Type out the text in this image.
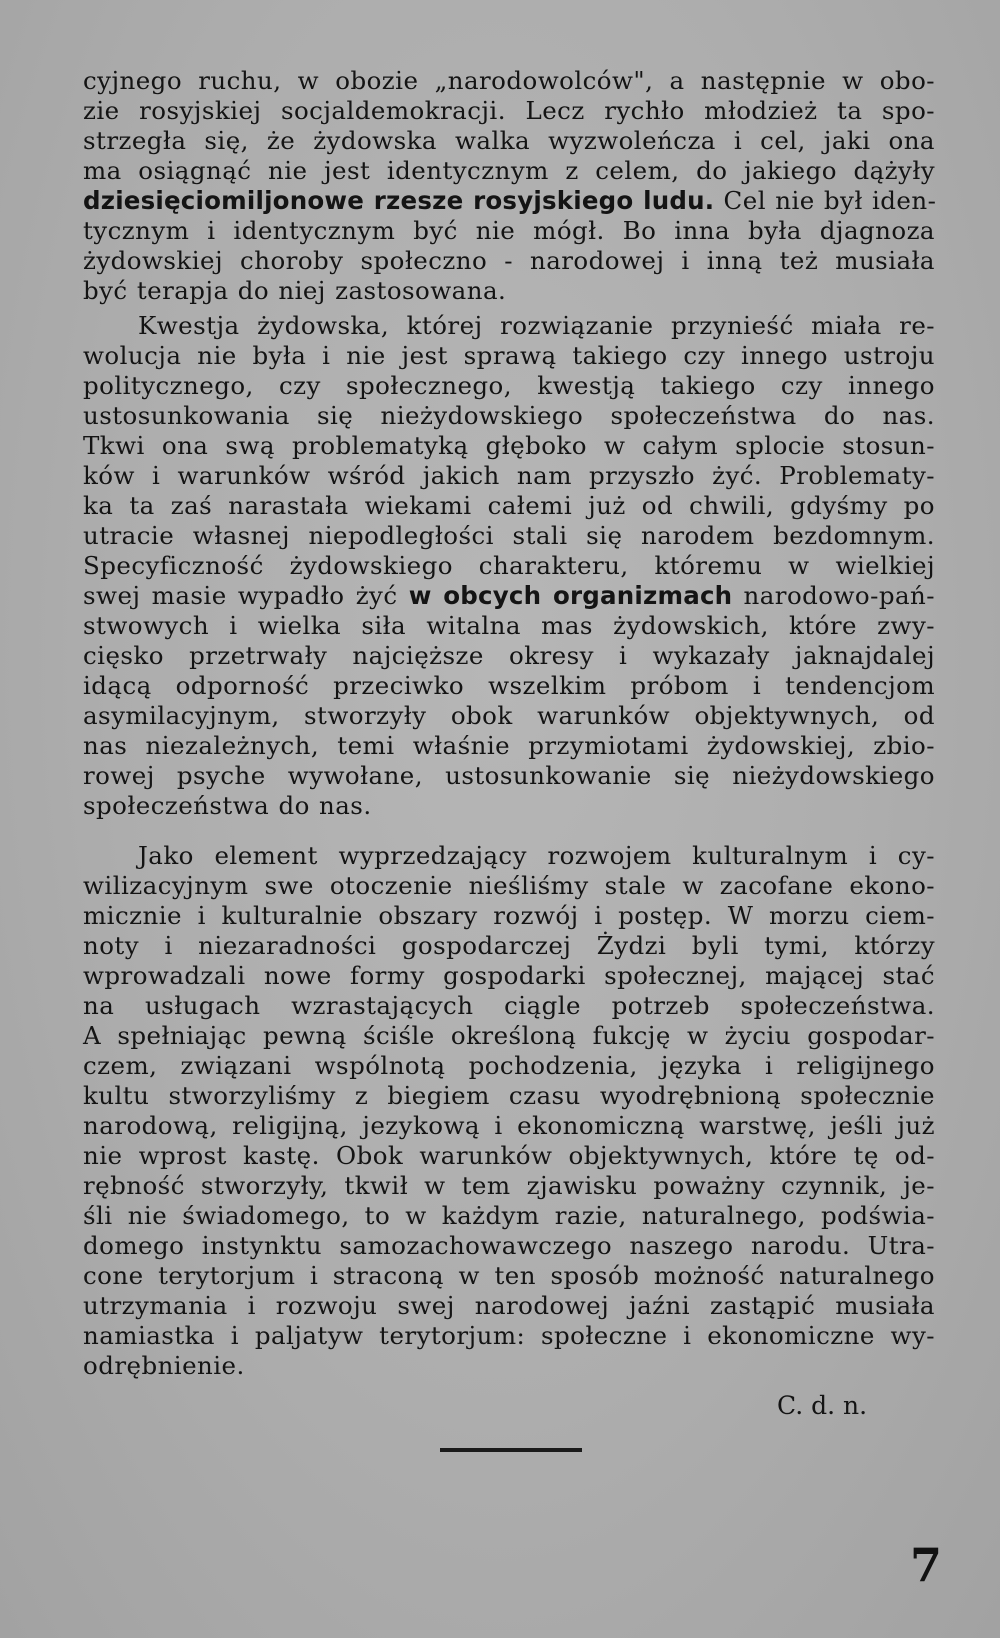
cyjnego ruchu, w obozie „narodowolców", a następnie w obo-
zie rosyjskiej socjaldemokracji. Lecz rychło młodzież ta spo-
strzegła się, że żydowska walka wyzwoleńcza i cel, jaki ona
ma osiągnąć nie jest identycznym z celem, do jakiego dążyły
dziesięciomiljonowe rzesze rosyjskiego ludu. Cel nie był iden-
tycznym i identycznym być nie mógł. Bo inna była djagnoza
żydowskiej choroby społeczno - narodowej i inną też musiała
być terapja do niej zastosowana.
Kwestja żydowska, której rozwiązanie przynieść miała re-
wolucja nie była i nie jest sprawą takiego czy innego ustroju
politycznego, czy społecznego, kwestją takiego czy innego
ustosunkowania się nieżydowskiego społeczeństwa do nas.
Tkwi ona swą problematyką głęboko w całym splocie stosun-
ków i warunków wśród jakich nam przyszło żyć. Problematy-
ka ta zaś narastała wiekami całemi już od chwili, gdyśmy po
utracie własnej niepodległości stali się narodem bezdomnym.
Specyficzność żydowskiego charakteru, któremu w wielkiej
swej masie wypadło żyć w obcych organizmach narodowo-pań-
stwowych i wielka siła witalna mas żydowskich, które zwy-
cięsko przetrwały najcięższe okresy i wykazały jaknajdalej
idącą odporność przeciwko wszelkim próbom i tendencjom
asymilacyjnym, stworzyły obok warunków objektywnych, od
nas niezależnych, temi właśnie przymiotami żydowskiej, zbio-
rowej psyche wywołane, ustosunkowanie się nieżydowskiego
społeczeństwa do nas.
Jako element wyprzedzający rozwojem kulturalnym i cy-
wilizacyjnym swe otoczenie nieśliśmy stale w zacofane ekono-
micznie i kulturalnie obszary rozwój i postęp. W morzu ciem-
noty i niezaradności gospodarczej Żydzi byli tymi, którzy
wprowadzali nowe formy gospodarki społecznej, mającej stać
na usługach wzrastających ciągle potrzeb społeczeństwa.
A spełniając pewną ściśle określoną fukcję w życiu gospodar-
czem, związani wspólnotą pochodzenia, języka i religijnego
kultu stworzyliśmy z biegiem czasu wyodrębnioną społecznie
narodową, religijną, jezykową i ekonomiczną warstwę, jeśli już
nie wprost kastę. Obok warunków objektywnych, które tę od-
rębność stworzyły, tkwił w tem zjawisku poważny czynnik, je-
śli nie świadomego, to w każdym razie, naturalnego, podświa-
domego instynktu samozachowawczego naszego narodu. Utra-
cone terytorjum i straconą w ten sposób możność naturalnego
utrzymania i rozwoju swej narodowej jaźni zastąpić musiała
namiastka i paljatyw terytorjum: społeczne i ekonomiczne wy-
odrębnienie.
C. d. n.
7
